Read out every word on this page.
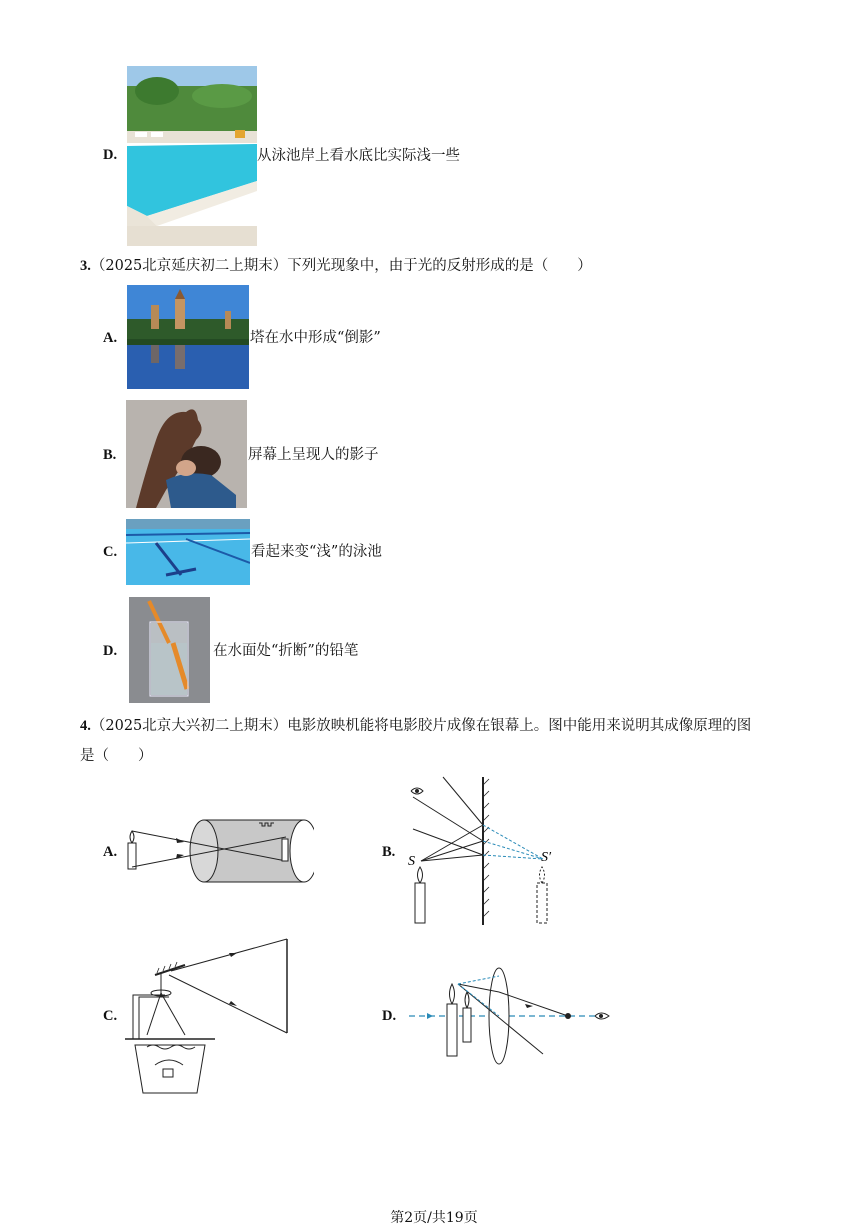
D.	从泳池岸上看水底比实际浅一些
3.（2025北京延庆初二上期末）下列光现象中，由于光的反射形成的是（　　）
A.	塔在水中形成“倒影”
B.	屏幕上呈现人的影子
C.	看起来变“浅”的泳池
D.	在水面处“折断”的铅笔
4.（2025北京大兴初二上期末）电影放映机能将电影胶片成像在银幕上。图中能用来说明其成像原理的图
是（　　）
A.	B.
S	S′
C.	D.
第2页/共19页
